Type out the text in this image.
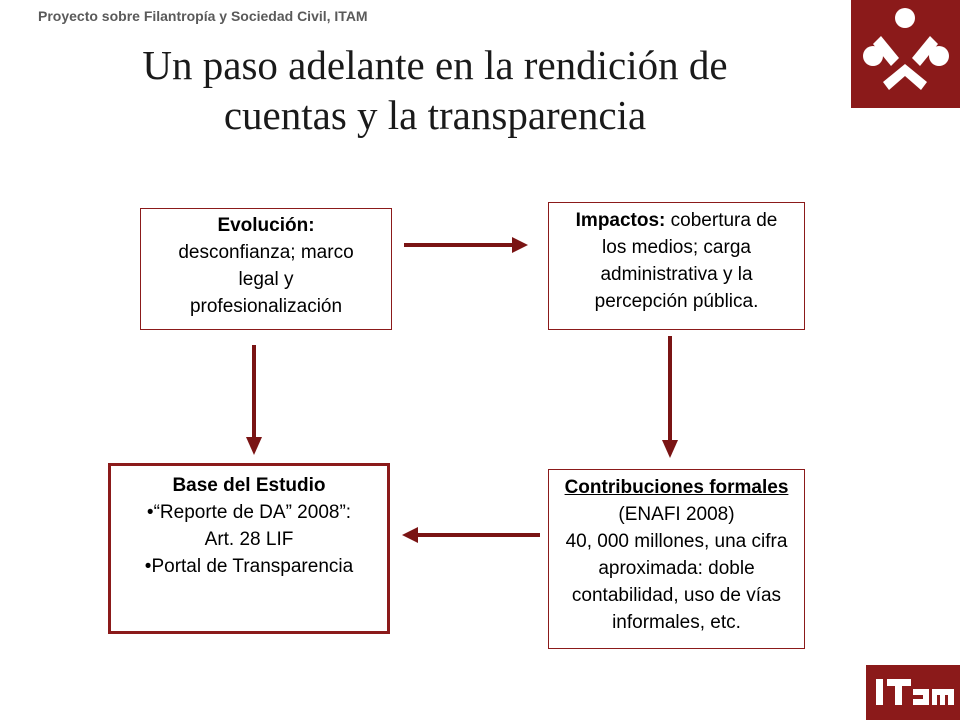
Proyecto sobre Filantropía y Sociedad Civil, ITAM
Un paso adelante en la rendición de
cuentas y la transparencia
Evolución:
desconfianza; marco
legal y
profesionalización
Impactos: cobertura de
los medios; carga
administrativa y la
percepción pública.
Base del Estudio
•“Reporte de DA” 2008”:
Art. 28 LIF
•Portal de Transparencia
Contribuciones formales
(ENAFI 2008)
40, 000 millones, una cifra
aproximada: doble
contabilidad, uso de vías
informales, etc.
